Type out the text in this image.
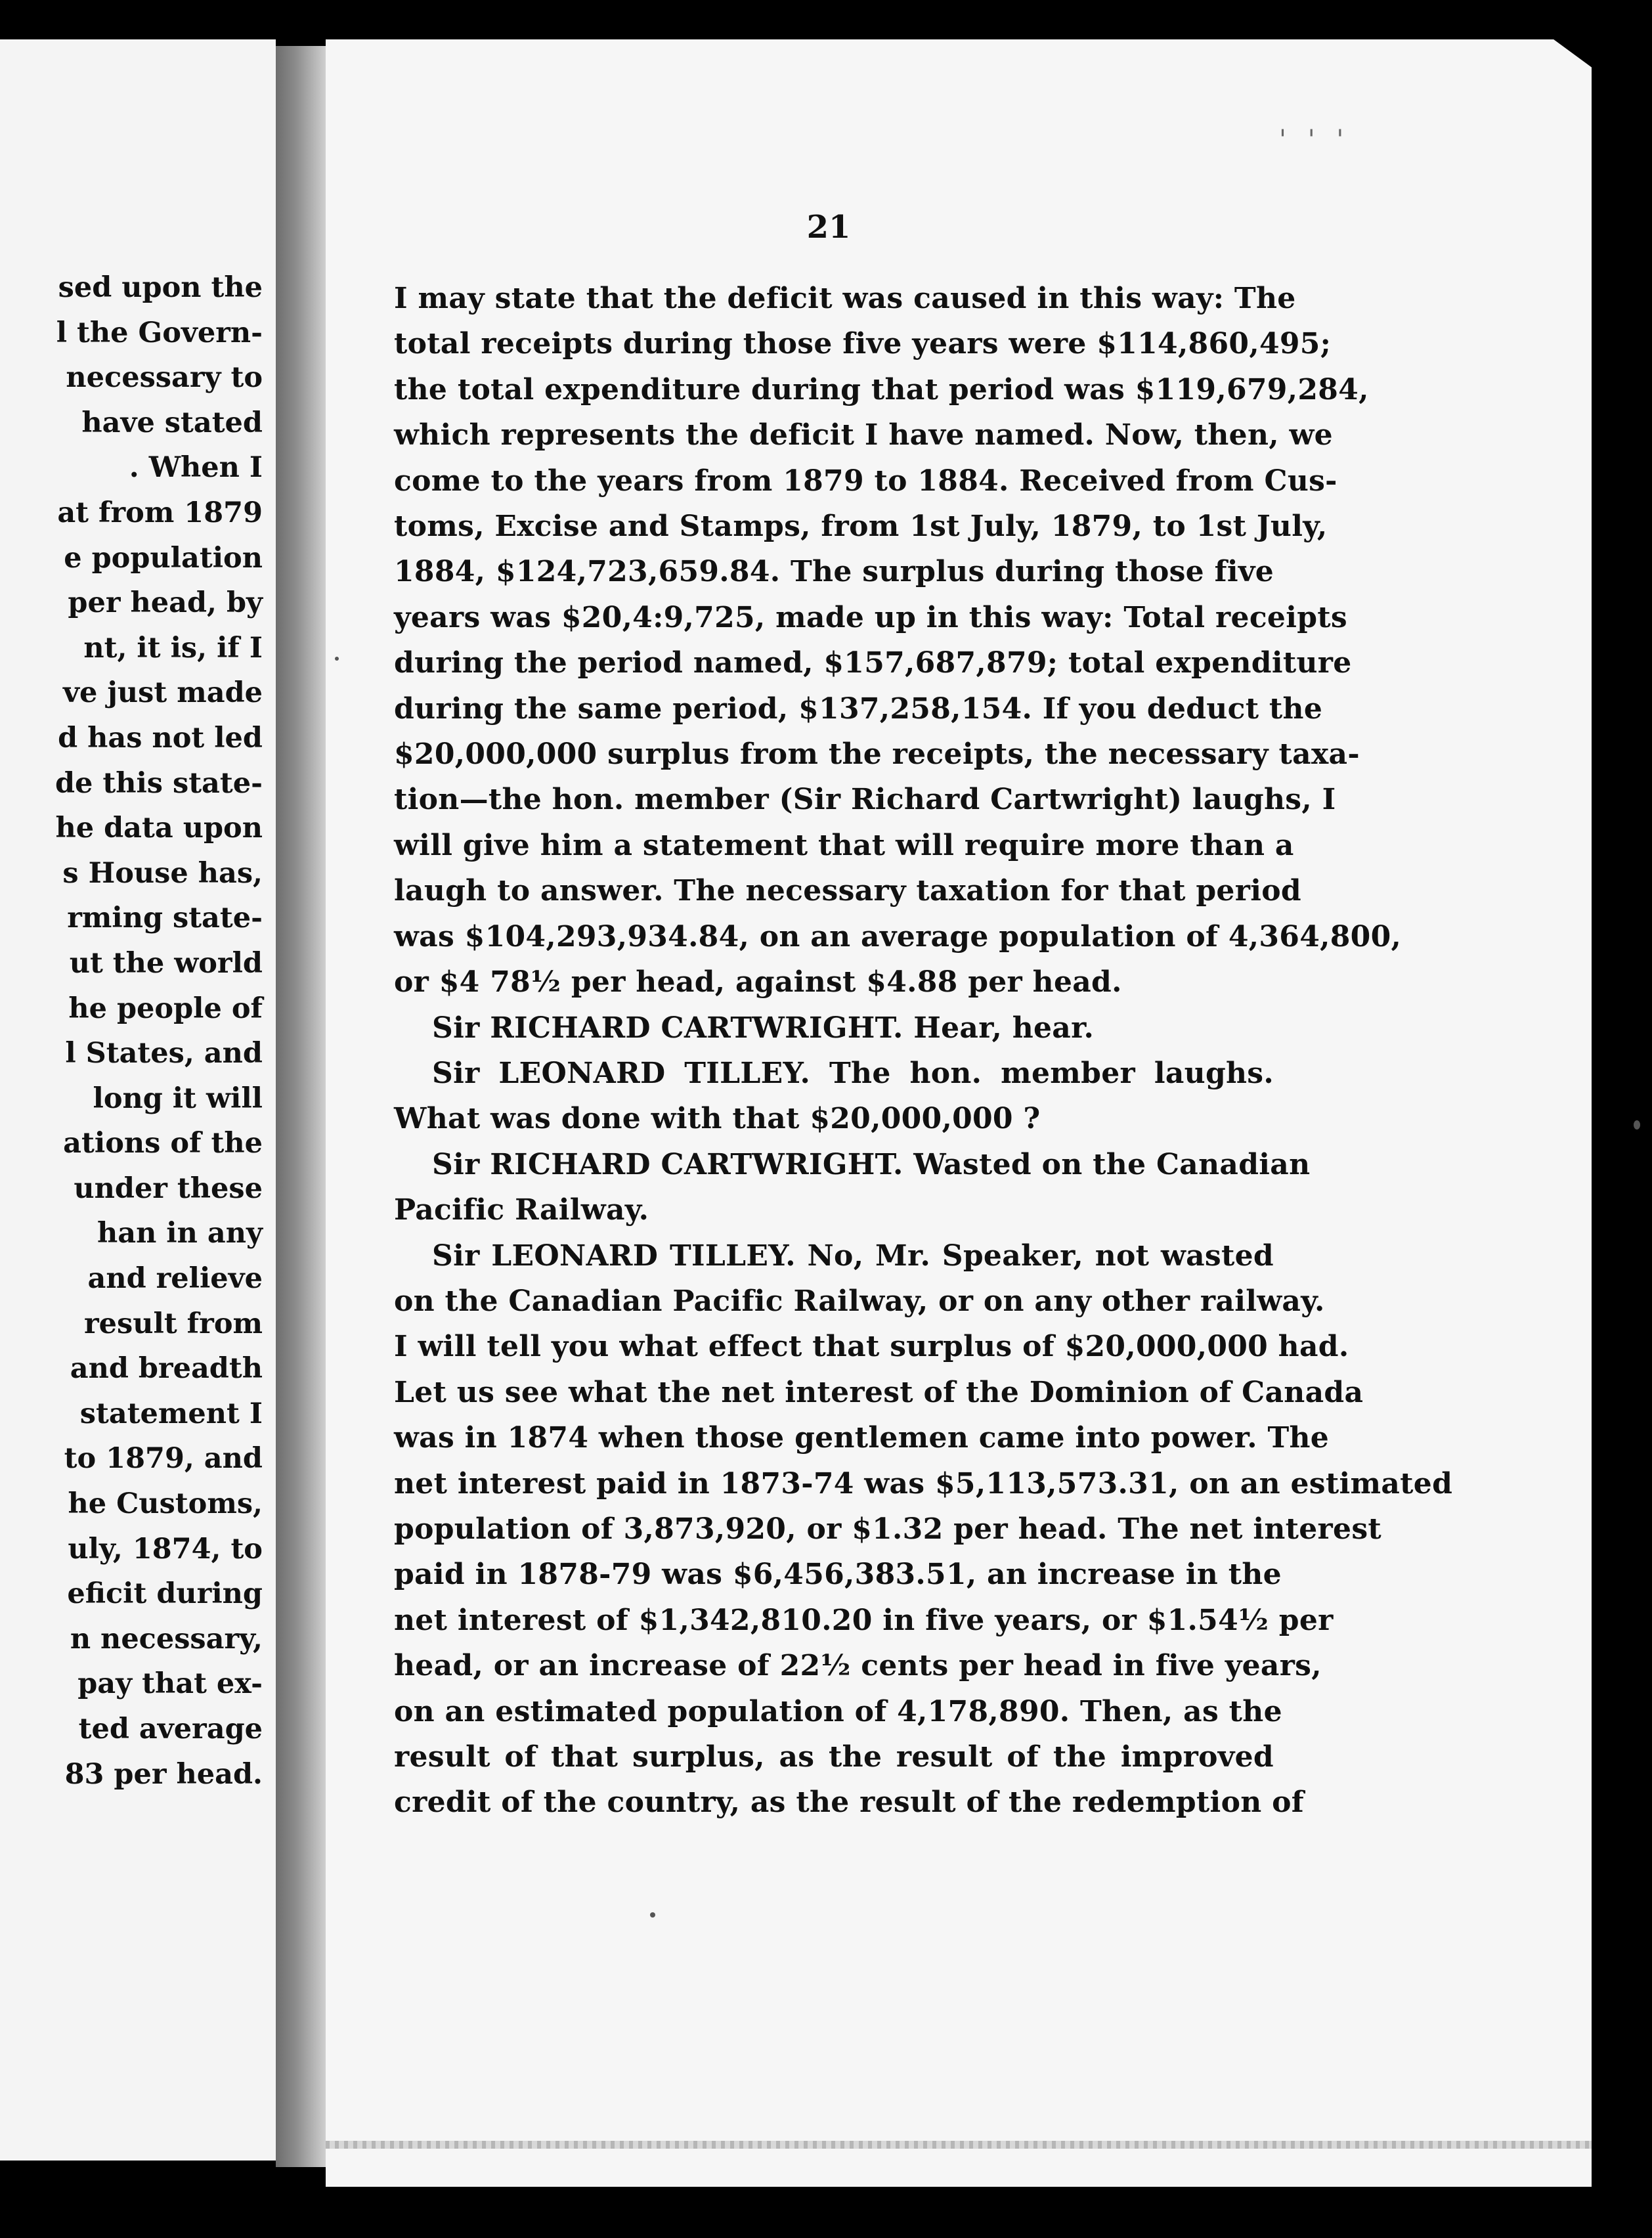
sed upon the
l the Govern-
necessary to
have stated
. When I
at from 1879
e population
per head, by
nt, it is, if I
ve just made
d has not led
de this state-
he data upon
s House has,
rming state-
ut the world
he people of
l States, and
long it will
ations of the
under these
han in any
and relieve
result from
and breadth
statement I
to 1879, and
he Customs,
uly, 1874, to
eficit during
n necessary,
pay that ex-
ted average
83 per head.
' ' '
21
I may state that the deficit was caused in this way: The
total receipts during those five years were $114,860,495;
the total expenditure during that period was $119,679,284,
which represents the deficit I have named. Now, then, we
come to the years from 1879 to 1884. Received from Cus-
toms, Excise and Stamps, from 1st July, 1879, to 1st July,
1884, $124,723,659.84. The surplus during those five
years was $20,4:9,725, made up in this way: Total receipts
during the period named, $157,687,879; total expenditure
during the same period, $137,258,154. If you deduct the
$20,000,000 surplus from the receipts, the necessary taxa-
tion—the hon. member (Sir Richard Cartwright) laughs, I
will give him a statement that will require more than a
laugh to answer. The necessary taxation for that period
was $104,293,934.84, on an average population of 4,364,800,
or $4 78½ per head, against $4.88 per head.
Sir RICHARD CARTWRIGHT. Hear, hear.
Sir LEONARD TILLEY. The hon. member laughs.
What was done with that $20,000,000 ?
Sir RICHARD CARTWRIGHT. Wasted on the Canadian
Pacific Railway.
Sir LEONARD TILLEY. No, Mr. Speaker, not wasted
on the Canadian Pacific Railway, or on any other railway.
I will tell you what effect that surplus of $20,000,000 had.
Let us see what the net interest of the Dominion of Canada
was in 1874 when those gentlemen came into power. The
net interest paid in 1873-74 was $5,113,573.31, on an estimated
population of 3,873,920, or $1.32 per head. The net interest
paid in 1878-79 was $6,456,383.51, an increase in the
net interest of $1,342,810.20 in five years, or $1.54½ per
head, or an increase of 22½ cents per head in five years,
on an estimated population of 4,178,890. Then, as the
result of that surplus, as the result of the improved
credit of the country, as the result of the redemption of
